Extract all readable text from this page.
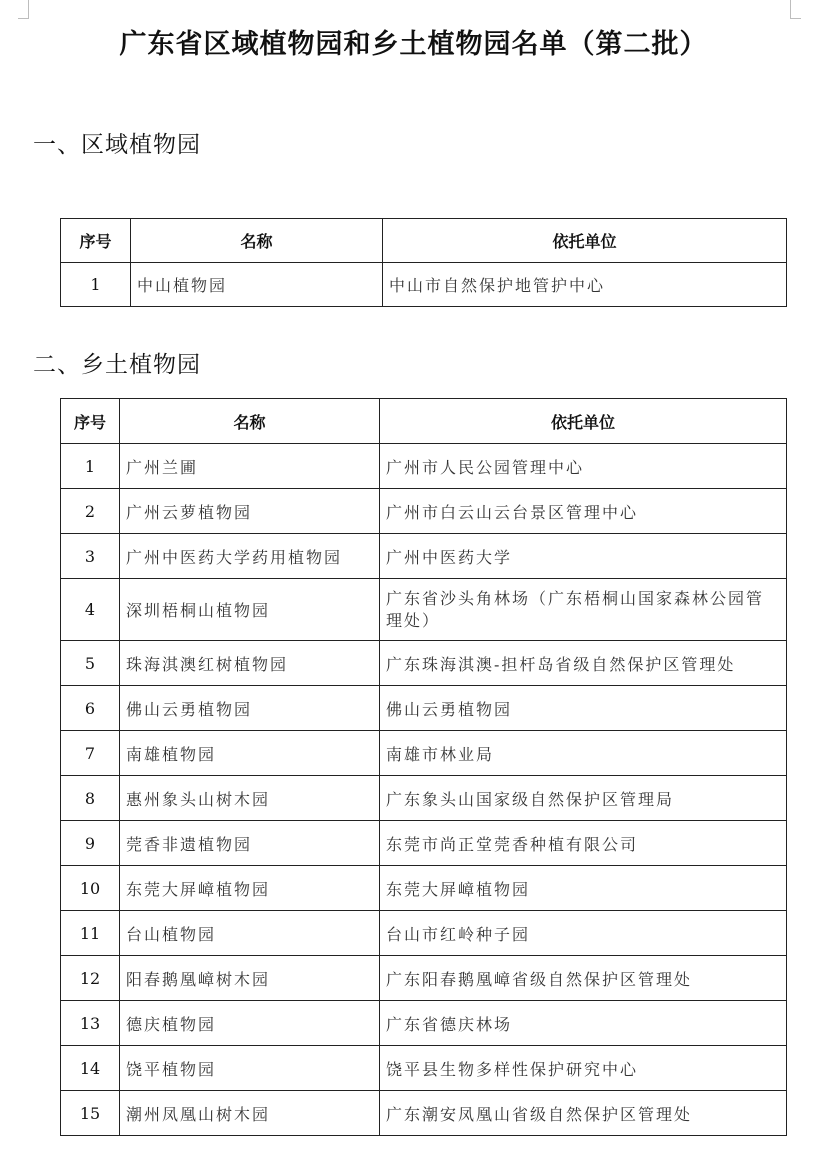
广东省区域植物园和乡土植物园名单（第二批）
一、区域植物园
序号	名称	依托单位
1	中山植物园	中山市自然保护地管护中心
二、乡土植物园
序号	名称	依托单位
1	广州兰圃	广州市人民公园管理中心
2	广州云萝植物园	广州市白云山云台景区管理中心
3	广州中医药大学药用植物园	广州中医药大学
4	深圳梧桐山植物园	广东省沙头角林场（广东梧桐山国家森林公园管理处）
5	珠海淇澳红树植物园	广东珠海淇澳-担杆岛省级自然保护区管理处
6	佛山云勇植物园	佛山云勇植物园
7	南雄植物园	南雄市林业局
8	惠州象头山树木园	广东象头山国家级自然保护区管理局
9	莞香非遗植物园	东莞市尚正堂莞香种植有限公司
10	东莞大屏嶂植物园	东莞大屏嶂植物园
11	台山植物园	台山市红岭种子园
12	阳春鹅凰嶂树木园	广东阳春鹅凰嶂省级自然保护区管理处
13	德庆植物园	广东省德庆林场
14	饶平植物园	饶平县生物多样性保护研究中心
15	潮州凤凰山树木园	广东潮安凤凰山省级自然保护区管理处
